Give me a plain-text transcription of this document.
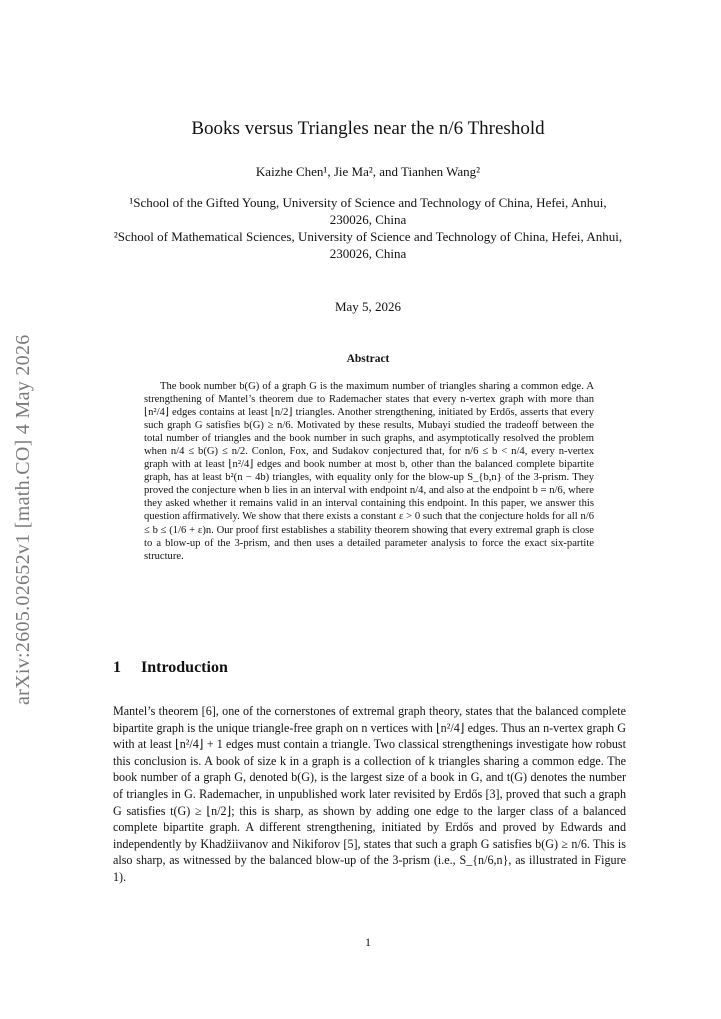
arXiv:2605.02652v1 [math.CO] 4 May 2026
Books versus Triangles near the n/6 Threshold
Kaizhe Chen¹, Jie Ma², and Tianhen Wang²

¹School of the Gifted Young, University of Science and Technology of China, Hefei, Anhui, 230026, China

²School of Mathematical Sciences, University of Science and Technology of China, Hefei, Anhui, 230026, China

May 5, 2026
Abstract

The book number b(G) of a graph G is the maximum number of triangles sharing a common edge. A strengthening of Mantel’s theorem due to Rademacher states that every n-vertex graph with more than ⌊n²/4⌋ edges contains at least ⌊n/2⌋ triangles. Another strengthening, initiated by Erdős, asserts that every such graph G satisfies b(G) ≥ n/6. Motivated by these results, Mubayi studied the tradeoff between the total number of triangles and the book number in such graphs, and asymptotically resolved the problem when n/4 ≤ b(G) ≤ n/2. Conlon, Fox, and Sudakov conjectured that, for n/6 ≤ b < n/4, every n-vertex graph with at least ⌊n²/4⌋ edges and book number at most b, other than the balanced complete bipartite graph, has at least b²(n − 4b) triangles, with equality only for the blow-up S_{b,n} of the 3-prism. They proved the conjecture when b lies in an interval with endpoint n/4, and also at the endpoint b = n/6, where they asked whether it remains valid in an interval containing this endpoint. In this paper, we answer this question affirmatively. We show that there exists a constant ε > 0 such that the conjecture holds for all n/6 ≤ b ≤ (1/6 + ε)n. Our proof first establishes a stability theorem showing that every extremal graph is close to a blow-up of the 3-prism, and then uses a detailed parameter analysis to force the exact six-partite structure.

1 Introduction

Mantel’s theorem [6], one of the cornerstones of extremal graph theory, states that the balanced complete bipartite graph is the unique triangle-free graph on n vertices with ⌊n²/4⌋ edges. Thus an n-vertex graph G with at least ⌊n²/4⌋ + 1 edges must contain a triangle. Two classical strengthenings investigate how robust this conclusion is. A book of size k in a graph is a collection of k triangles sharing a common edge. The book number of a graph G, denoted b(G), is the largest size of a book in G, and t(G) denotes the number of triangles in G. Rademacher, in unpublished work later revisited by Erdős [3], proved that such a graph G satisfies t(G) ≥ ⌊n/2⌋; this is sharp, as shown by adding one edge to the larger class of a balanced complete bipartite graph. A different strengthening, initiated by Erdős and proved by Edwards and independently by Khadžiivanov and Nikiforov [5], states that such a graph G satisfies b(G) ≥ n/6. This is also sharp, as witnessed by the balanced blow-up of the 3-prism (i.e., S_{n/6,n}, as illustrated in Figure 1).

1
